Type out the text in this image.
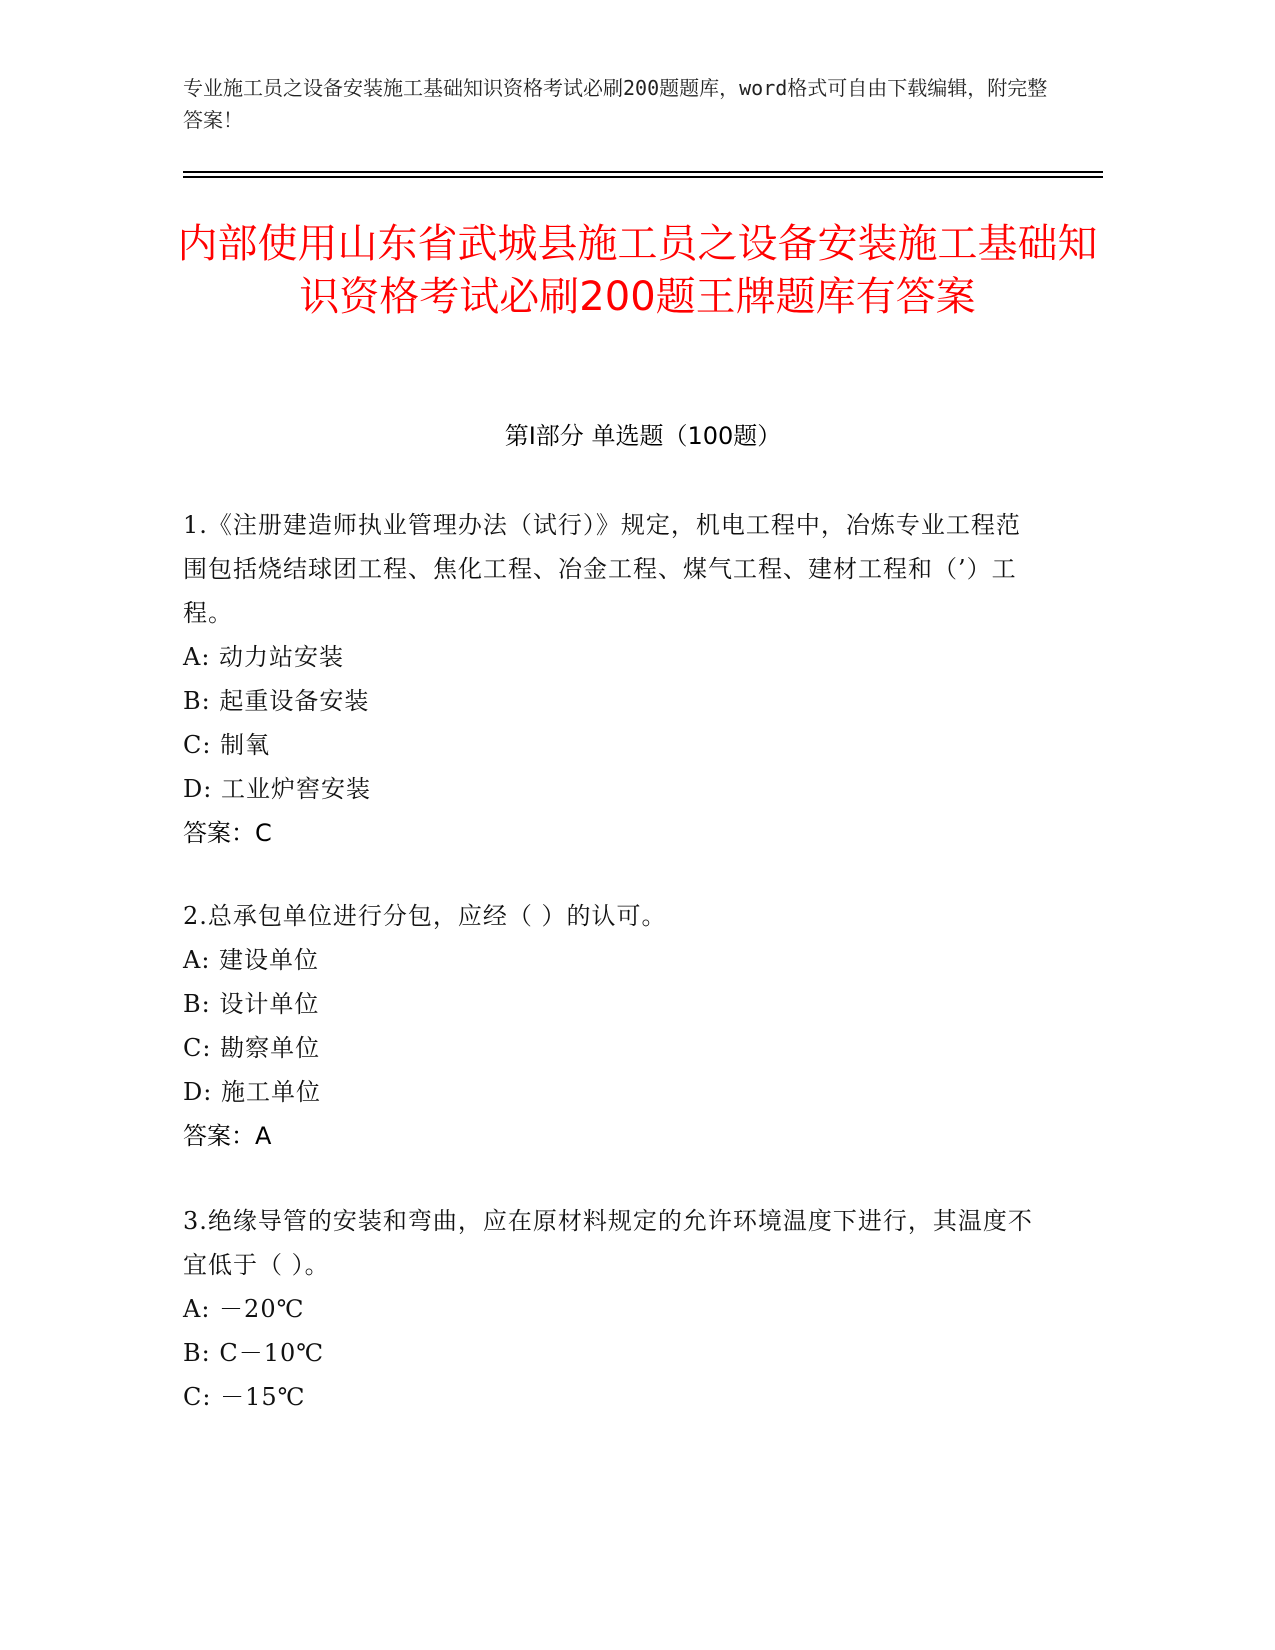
专业施工员之设备安装施工基础知识资格考试必刷200题题库，word格式可自由下载编辑，附完整答案！
内部使用山东省武城县施工员之设备安装施工基础知识资格考试必刷200题王牌题库有答案
第Ⅰ部分 单选题（100题）
1.《注册建造师执业管理办法（试行）》规定，机电工程中，冶炼专业工程范围包括烧结球团工程、焦化工程、冶金工程、煤气工程、建材工程和（’）工程。
A: 动力站安装
B: 起重设备安装
C: 制氧
D: 工业炉窖安装
答案：C
2.总承包单位进行分包，应经（ ）的认可。
A: 建设单位
B: 设计单位
C: 勘察单位
D: 施工单位
答案：A
3.绝缘导管的安装和弯曲，应在原材料规定的允许环境温度下进行，其温度不宜低于（ ）。
A: －20℃
B: C－10℃
C: －15℃
